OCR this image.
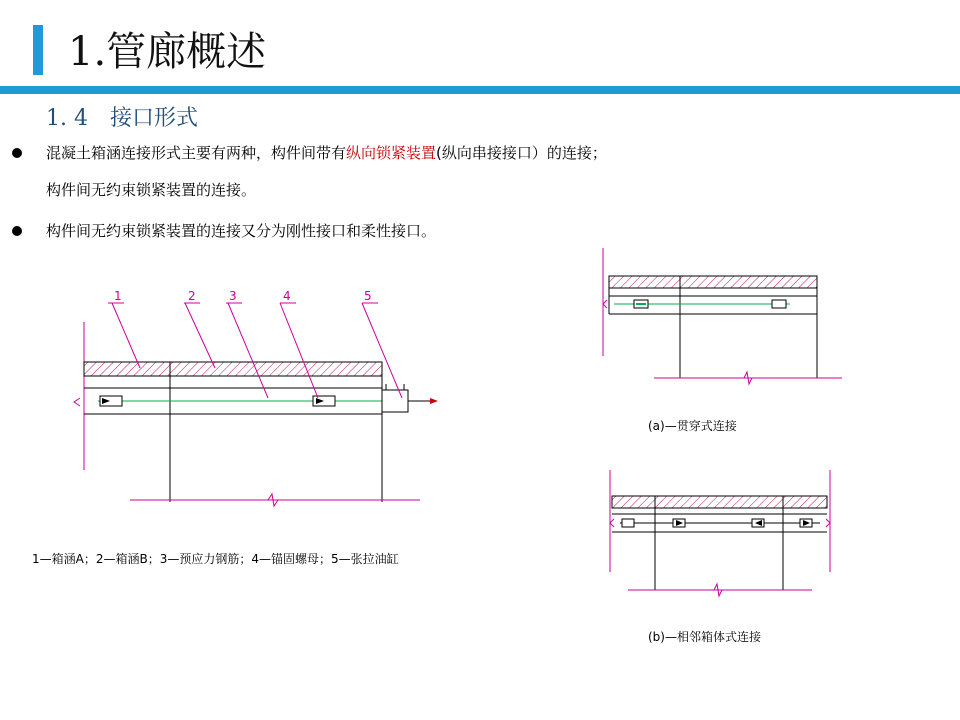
1.管廊概述
1. 4　接口形式
混凝土箱涵连接形式主要有两种，构件间带有纵向锁紧装置(纵向串接接口）的连接；
构件间无约束锁紧装置的连接。
构件间无约束锁紧装置的连接又分为刚性接口和柔性接口。
1	2	3	4	5
1—箱涵A；2—箱涵B；3—预应力钢筋；4—锚固螺母；5—张拉油缸
(a)—贯穿式连接
(b)—相邻箱体式连接
